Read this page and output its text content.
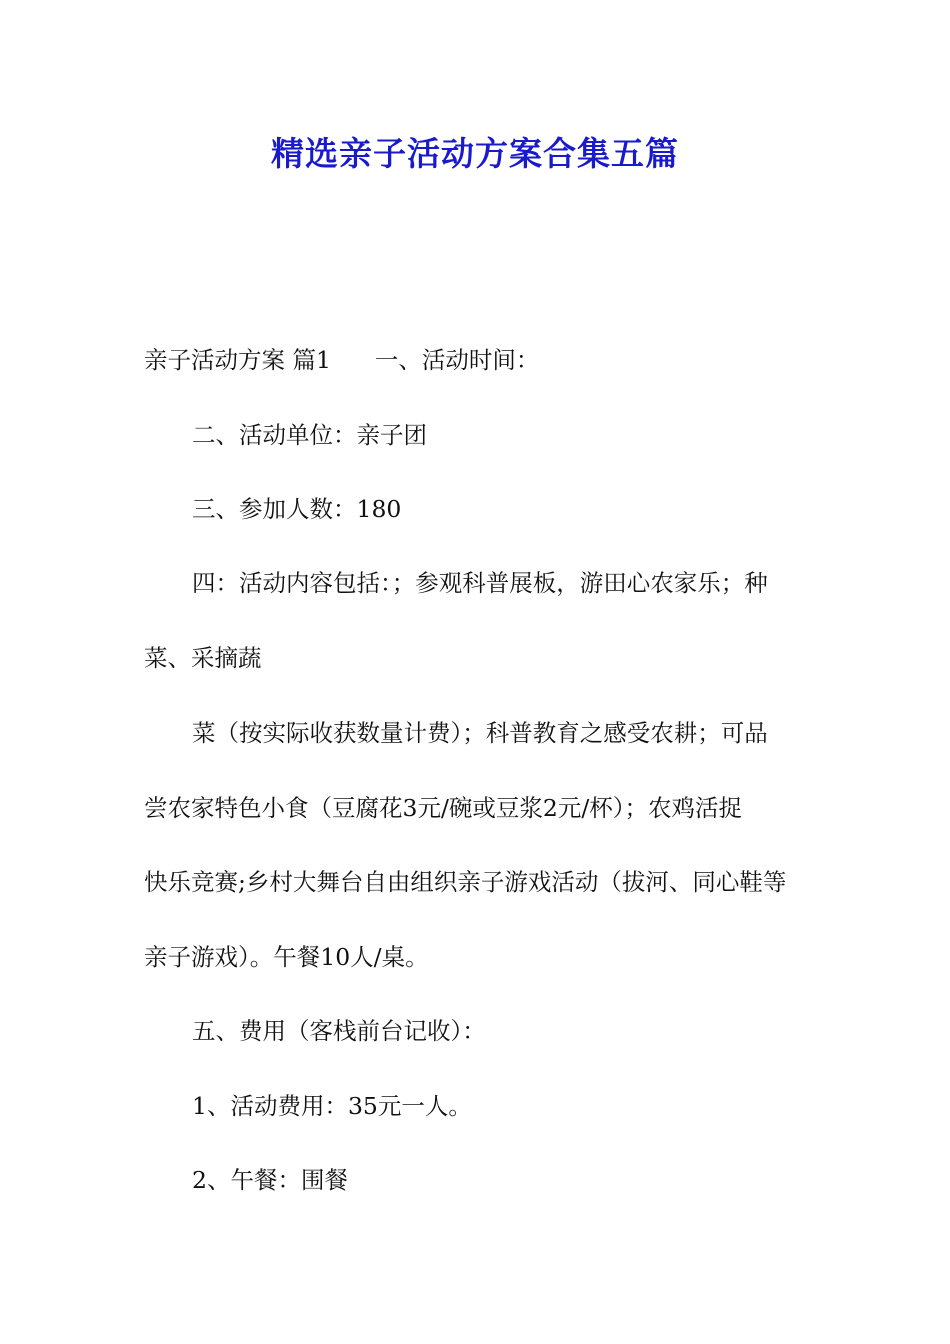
精选亲子活动方案合集五篇
亲子活动方案 篇1 一、活动时间：
二、活动单位：亲子团
三、参加人数：180
四：活动内容包括：；参观科普展板，游田心农家乐；种
菜、采摘蔬
菜（按实际收获数量计费）；科普教育之感受农耕；可品
尝农家特色小食（豆腐花3元/碗或豆浆2元/杯）；农鸡活捉
快乐竞赛;乡村大舞台自由组织亲子游戏活动（拔河、同心鞋等
亲子游戏）。午餐10人/桌。
五、费用（客栈前台记收）：
1、活动费用：35元一人。
2、午餐：围餐
